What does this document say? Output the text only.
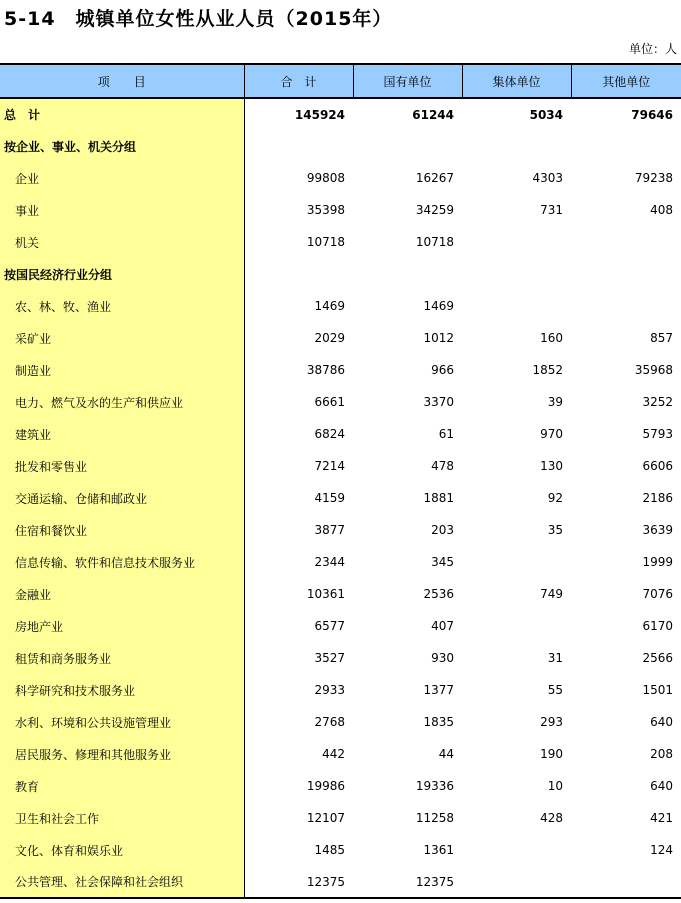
5-14　城镇单位女性从业人员（2015年）
单位：人
项　　目	合　计	国有单位	集体单位	其他单位
总　计	145924	61244	5034	79646
按企业、事业、机关分组				
企业	99808	16267	4303	79238
事业	35398	34259	731	408
机关	10718	10718		
按国民经济行业分组				
农、林、牧、渔业	1469	1469		
采矿业	2029	1012	160	857
制造业	38786	966	1852	35968
电力、燃气及水的生产和供应业	6661	3370	39	3252
建筑业	6824	61	970	5793
批发和零售业	7214	478	130	6606
交通运输、仓储和邮政业	4159	1881	92	2186
住宿和餐饮业	3877	203	35	3639
信息传输、软件和信息技术服务业	2344	345		1999
金融业	10361	2536	749	7076
房地产业	6577	407		6170
租赁和商务服务业	3527	930	31	2566
科学研究和技术服务业	2933	1377	55	1501
水利、环境和公共设施管理业	2768	1835	293	640
居民服务、修理和其他服务业	442	44	190	208
教育	19986	19336	10	640
卫生和社会工作	12107	11258	428	421
文化、体育和娱乐业	1485	1361		124
公共管理、社会保障和社会组织	12375	12375		
